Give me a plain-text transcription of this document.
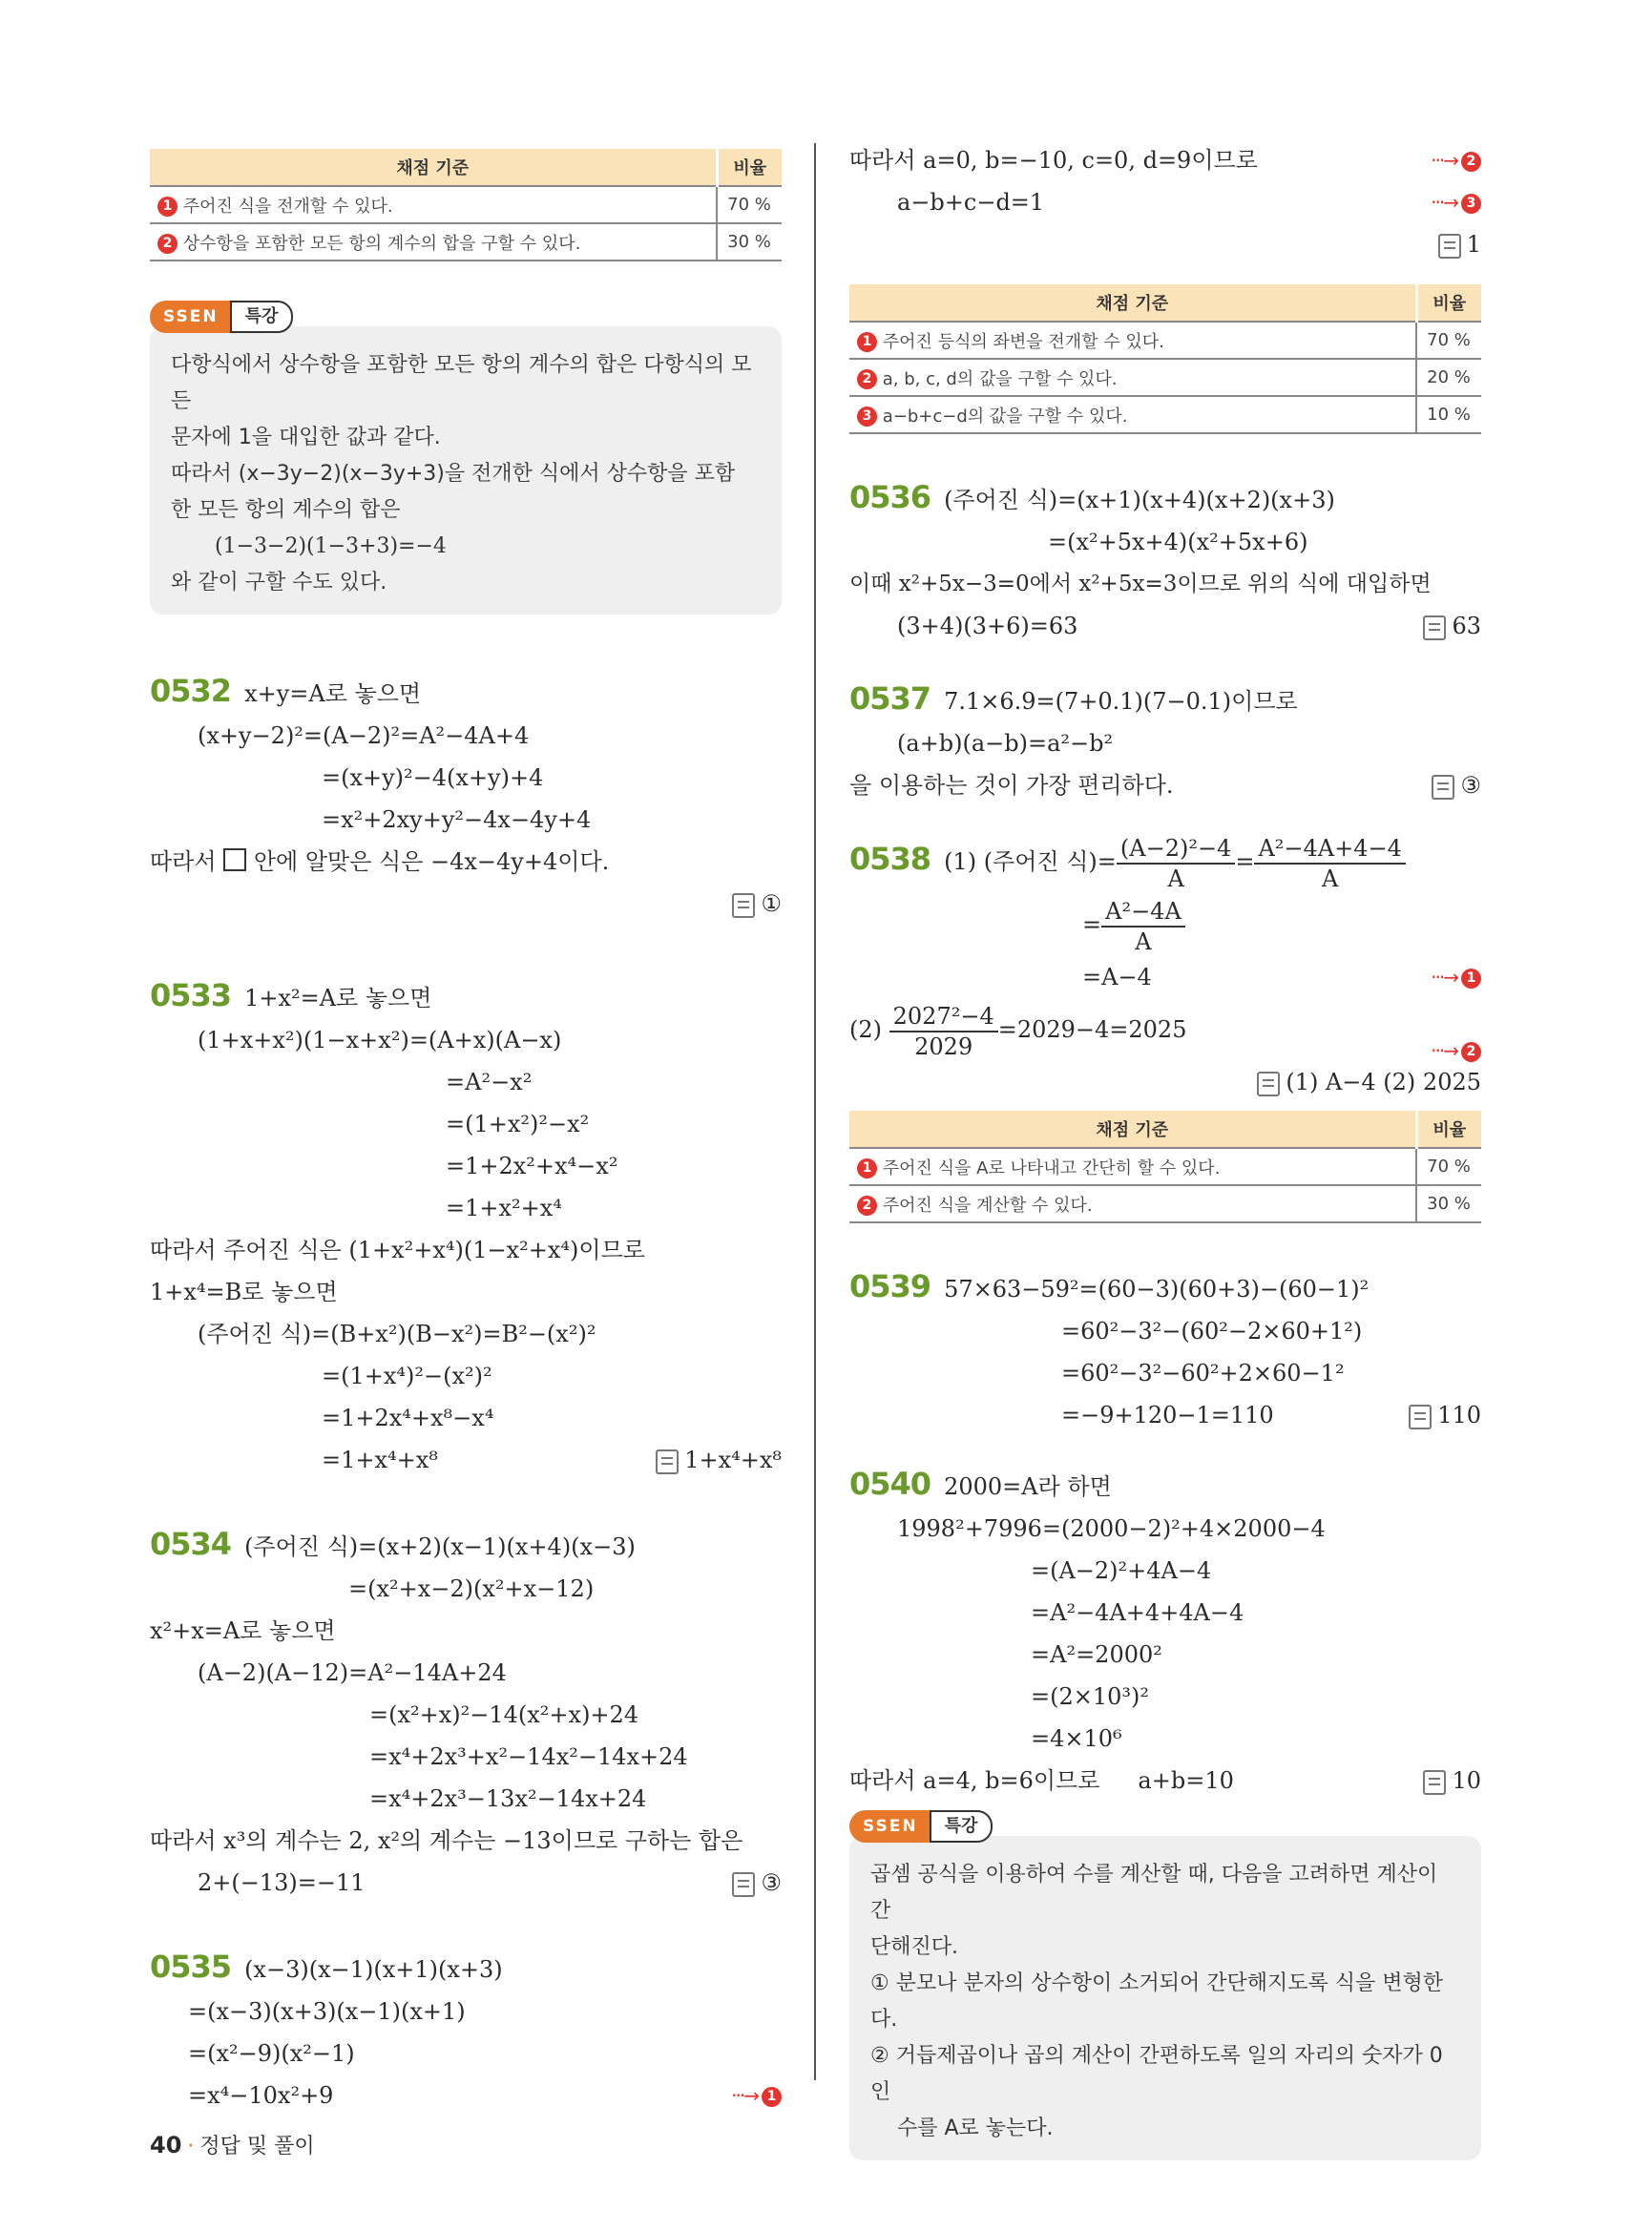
채점 기준	비율
1 주어진 식을 전개할 수 있다.	70 %
2 상수항을 포함한 모든 항의 계수의 합을 구할 수 있다.	30 %
SSEN	특강
다항식에서 상수항을 포함한 모든 항의 계수의 합은 다항식의 모든
문자에 1을 대입한 값과 같다.
따라서 (x−3y−2)(x−3y+3)을 전개한 식에서 상수항을 포함
한 모든 항의 계수의 합은
(1−3−2)(1−3+3)=−4
와 같이 구할 수도 있다.
0532 x+y=A로 놓으면
(x+y−2)²=(A−2)²=A²−4A+4
=(x+y)²−4(x+y)+4
=x²+2xy+y²−4x−4y+4
따라서 안에 알맞은 식은 −4x−4y+4이다.
①
0533 1+x²=A로 놓으면
(1+x+x²)(1−x+x²)=(A+x)(A−x)
=A²−x²
=(1+x²)²−x²
=1+2x²+x⁴−x²
=1+x²+x⁴
따라서 주어진 식은 (1+x²+x⁴)(1−x²+x⁴)이므로
1+x⁴=B로 놓으면
(주어진 식)=(B+x²)(B−x²)=B²−(x²)²
=(1+x⁴)²−(x²)²
=1+2x⁴+x⁸−x⁴
=1+x⁴+x⁸	1+x⁴+x⁸
0534 (주어진 식)=(x+2)(x−1)(x+4)(x−3)
=(x²+x−2)(x²+x−12)
x²+x=A로 놓으면
(A−2)(A−12)=A²−14A+24
=(x²+x)²−14(x²+x)+24
=x⁴+2x³+x²−14x²−14x+24
=x⁴+2x³−13x²−14x+24
따라서 x³의 계수는 2, x²의 계수는 −13이므로 구하는 합은
2+(−13)=−11	③
0535 (x−3)(x−1)(x+1)(x+3)
=(x−3)(x+3)(x−1)(x+1)
=(x²−9)(x²−1)
=x⁴−10x²+9	···→ 1
따라서 a=0, b=−10, c=0, d=9이므로	···→ 2
a−b+c−d=1	···→ 3
1
채점 기준	비율
1 주어진 등식의 좌변을 전개할 수 있다.	70 %
2 a, b, c, d의 값을 구할 수 있다.	20 %
3 a−b+c−d의 값을 구할 수 있다.	10 %
0536 (주어진 식)=(x+1)(x+4)(x+2)(x+3)
=(x²+5x+4)(x²+5x+6)
이때 x²+5x−3=0에서 x²+5x=3이므로 위의 식에 대입하면
(3+4)(3+6)=63	63
0537 7.1×6.9=(7+0.1)(7−0.1)이므로
(a+b)(a−b)=a²−b²
을 이용하는 것이 가장 편리하다.	③
0538 (1) (주어진 식)= $\frac{\text{(A−2)²−4}}{A} = \frac{\text{A²−4A+4−4}}{A}$
= $\frac{\text{A²−4A}}{A}$
=A−4	···→ 1
$(2) \frac{\text{2027²−4}}{2029} =2029-4=2025$
···→ 2
(1) A−4 (2) 2025
채점 기준	비율
1 주어진 식을 A로 나타내고 간단히 할 수 있다.	70 %
2 주어진 식을 계산할 수 있다.	30 %
0539 57×63−59²=(60−3)(60+3)−(60−1)²
=60²−3²−(60²−2×60+1²)
=60²−3²−60²+2×60−1²
=−9+120−1=110	110
0540 2000=A라 하면
1998²+7996=(2000−2)²+4×2000−4
=(A−2)²+4A−4
=A²−4A+4+4A−4
=A²=2000²
=(2×10³)²
=4×10⁶
따라서 a=4, b=6이므로 a+b=10	10
SSEN	특강
곱셈 공식을 이용하여 수를 계산할 때, 다음을 고려하면 계산이 간
단해진다.
① 분모나 분자의 상수항이 소거되어 간단해지도록 식을 변형한다.
② 거듭제곱이나 곱의 계산이 간편하도록 일의 자리의 숫자가 0인
수를 A로 놓는다.
40 · 정답 및 풀이
